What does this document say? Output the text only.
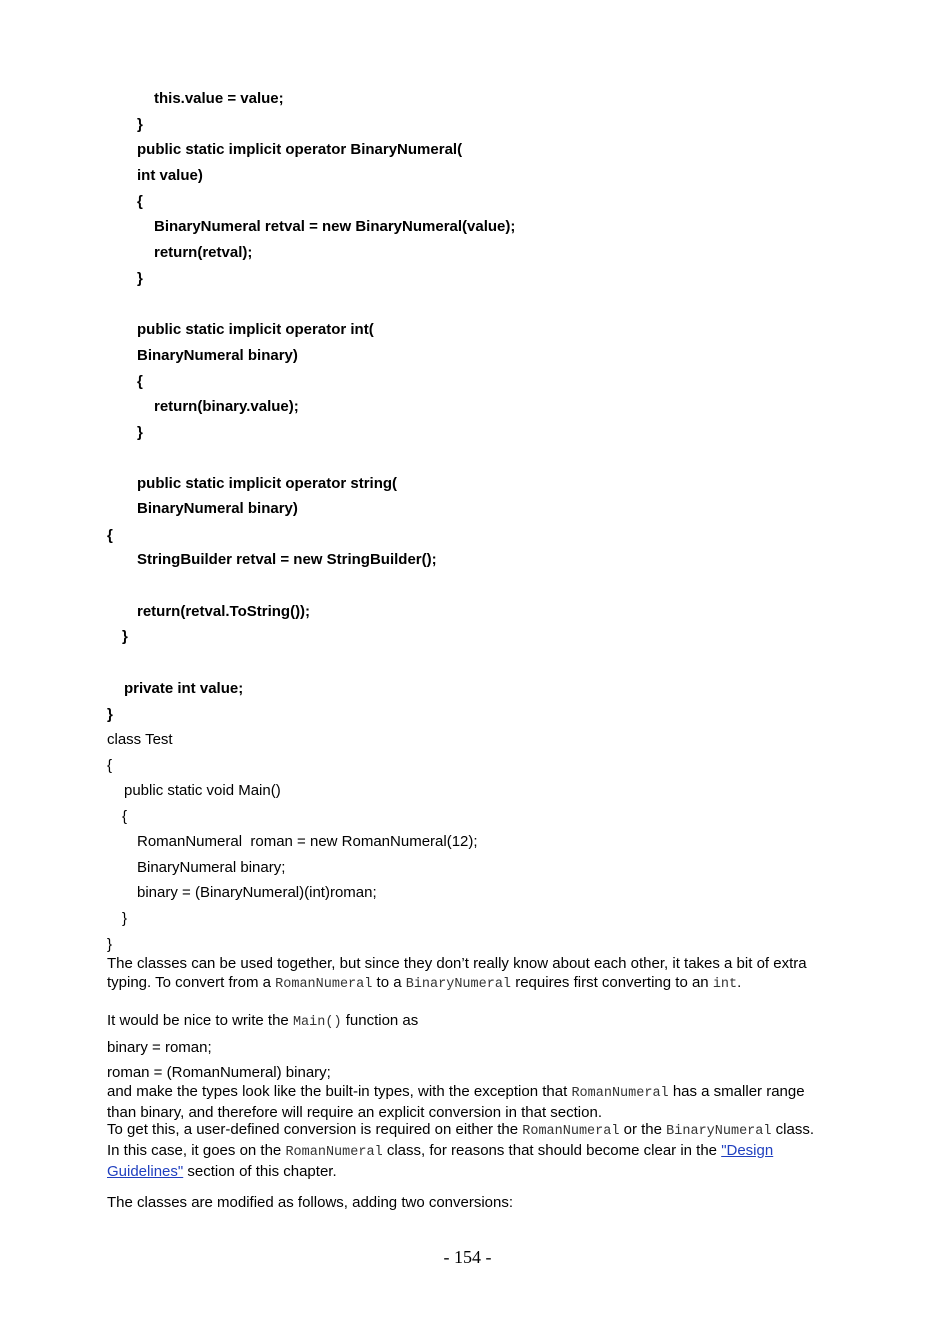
this.value = value;
}
public static implicit operator BinaryNumeral(
int value)
{
BinaryNumeral retval = new BinaryNumeral(value);
return(retval);
}
public static implicit operator int(
BinaryNumeral binary)
{
return(binary.value);
}
public static implicit operator string(
BinaryNumeral binary)
{
StringBuilder retval = new StringBuilder();
return(retval.ToString());
}
private int value;
}
class Test
{
public static void Main()
{
RomanNumeral  roman = new RomanNumeral(12);
BinaryNumeral binary;
binary = (BinaryNumeral)(int)roman;
}
}
The classes can be used together, but since they don’t really know about each other, it takes a bit of extra typing. To convert from a RomanNumeral to a BinaryNumeral requires first converting to an int.
It would be nice to write the Main() function as
binary = roman;
roman = (RomanNumeral) binary;
and make the types look like the built-in types, with the exception that RomanNumeral has a smaller range than binary, and therefore will require an explicit conversion in that section.
To get this, a user-defined conversion is required on either the RomanNumeral or the BinaryNumeral class. In this case, it goes on the RomanNumeral class, for reasons that should become clear in the "Design Guidelines" section of this chapter.
The classes are modified as follows, adding two conversions:
- 154 -
